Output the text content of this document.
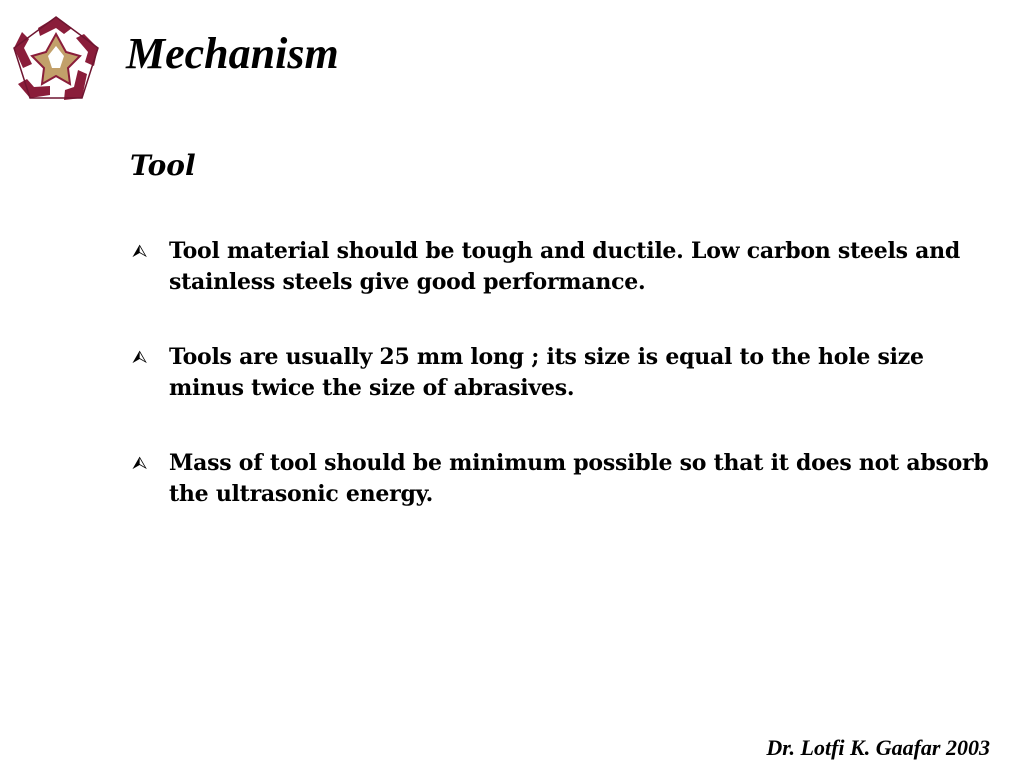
Mechanism
Tool
⮙ Tool material should be tough and ductile. Low carbon steels and stainless steels give good performance.
⮙ Tools are usually 25 mm long ; its size is equal to the hole size minus twice the size of abrasives.
⮙ Mass of tool should be minimum possible so that it does not absorb the ultrasonic energy.
Dr. Lotfi K. Gaafar 2003
